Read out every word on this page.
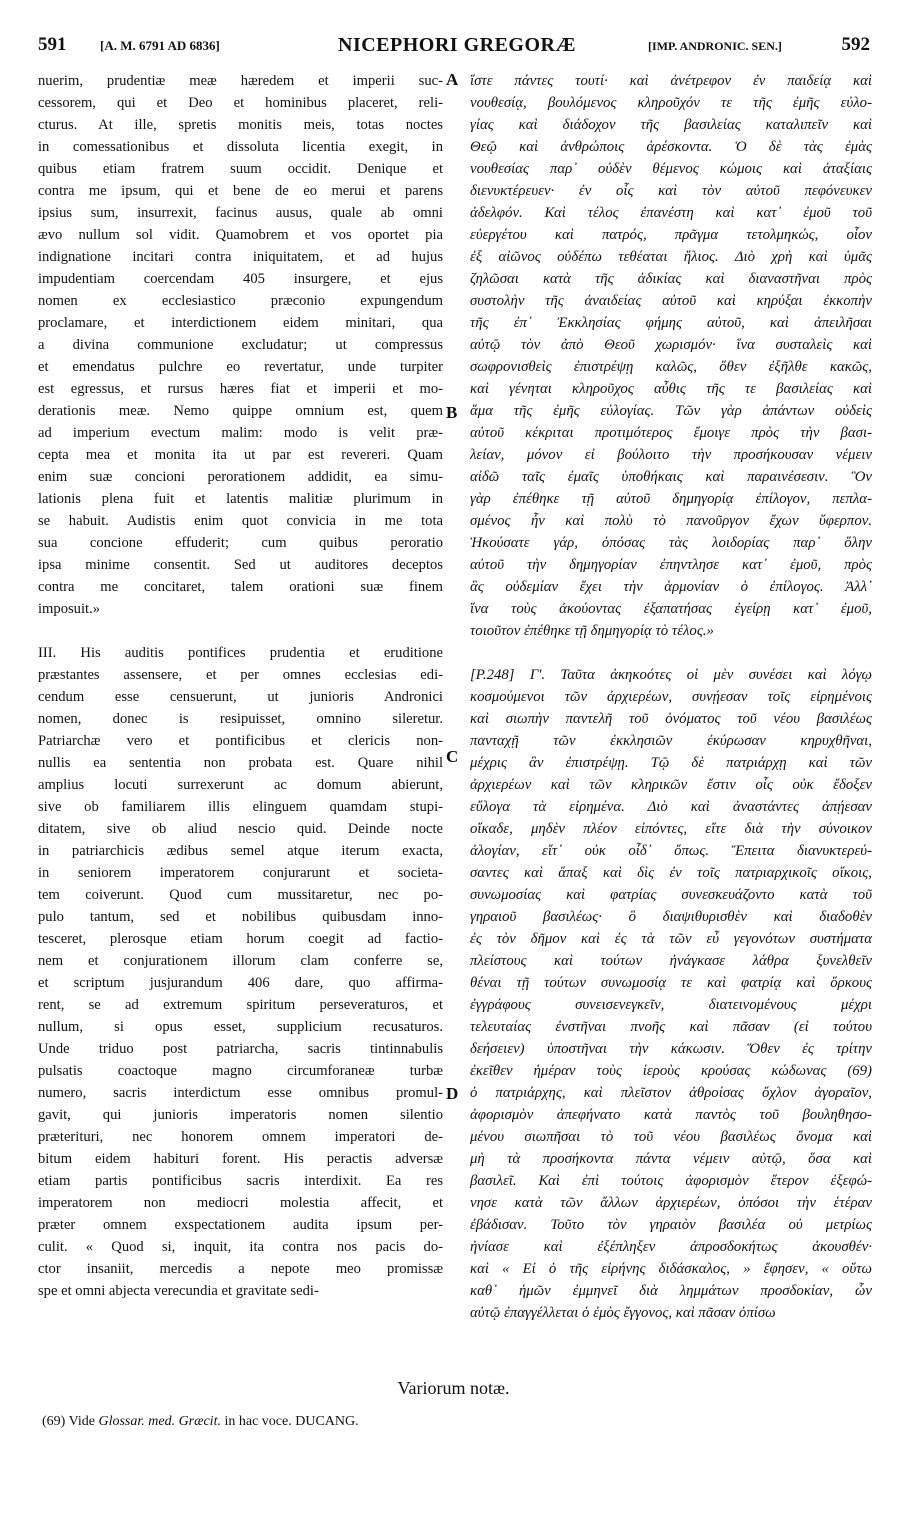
591	[A. M. 6791 AD 6836]	NICEPHORI GREGORÆ	[IMP. ANDRONIC. SEN.]	592
nuerim, prudentiæ meæ hæredem et imperii suc-
cessorem, qui et Deo et hominibus placeret, reli-
cturus. At ille, spretis monitis meis, totas noctes
in comessationibus et dissoluta licentia exegit, in
quibus etiam fratrem suum occidit. Denique et
contra me ipsum, qui et bene de eo merui et parens
ipsius sum, insurrexit, facinus ausus, quale ab omni
ævo nullum sol vidit. Quamobrem et vos oportet pia
indignatione incitari contra iniquitatem, et ad hujus
impudentiam coercendam 405 insurgere, et ejus
nomen ex ecclesiastico præconio expungendum
proclamare, et interdictionem eidem minitari, qua
a divina communione excludatur; ut compressus
et emendatus pulchre eo revertatur, unde turpiter
est egressus, et rursus hæres fiat et imperii et mo-
derationis meæ. Nemo quippe omnium est, quem
ad imperium evectum malim: modo is velit præ-
cepta mea et monita ita ut par est revereri. Quam
enim suæ concioni perorationem addidit, ea simu-
lationis plena fuit et latentis malitiæ plurimum in
se habuit. Audistis enim quot convicia in me tota
sua concione effuderit; cum quibus peroratio
ipsa minime consentit. Sed ut auditores deceptos
contra me concitaret, talem orationi suæ finem
imposuit.»
III. His auditis pontifices prudentia et eruditione
præstantes assensere, et per omnes ecclesias edi-
cendum esse censuerunt, ut junioris Andronici
nomen, donec is resipuisset, omnino sileretur.
Patriarchæ vero et pontificibus et clericis non-
nullis ea sententia non probata est. Quare nihil
amplius locuti surrexerunt ac domum abierunt,
sive ob familiarem illis elinguem quamdam stupi-
ditatem, sive ob aliud nescio quid. Deinde nocte
in patriarchicis ædibus semel atque iterum exacta,
in seniorem imperatorem conjurarunt et societa-
tem coiverunt. Quod cum mussitaretur, nec po-
pulo tantum, sed et nobilibus quibusdam inno-
tesceret, plerosque etiam horum coegit ad factio-
nem et conjurationem illorum clam conferre se,
et scriptum jusjurandum 406 dare, quo affirma-
rent, se ad extremum spiritum perseveraturos, et
nullum, si opus esset, supplicium recusaturos.
Unde triduo post patriarcha, sacris tintinnabulis
pulsatis coactoque magno circumforaneæ turbæ
numero, sacris interdictum esse omnibus promul-
gavit, qui junioris imperatoris nomen silentio
præterituri, nec honorem omnem imperatori de-
bitum eidem habituri forent. His peractis adversæ
etiam partis pontificibus sacris interdixit. Ea res
imperatorem non mediocri molestia affecit, et
præter omnem exspectationem audita ipsum per-
culit. « Quod si, inquit, ita contra nos pacis do-
ctor insaniit, mercedis a nepote meo promissæ
spe et omni abjecta verecundia et gravitate sedi-
ἵστε πάντες τουτί· καὶ ἀνέτρεφον ἐν παιδείᾳ καὶ
νουθεσίᾳ, βουλόμενος κληροῦχόν τε τῆς ἐμῆς εὐλο-
γίας καὶ διάδοχον τῆς βασιλείας καταλιπεῖν καὶ
Θεῷ καὶ ἀνθρώποις ἀρέσκοντα. Ὁ δὲ τὰς ἐμὰς
νουθεσίας παρ᾽ οὐδὲν θέμενος κώμοις καὶ ἀταξίαις
διενυκτέρευεν· ἐν οἷς καὶ τὸν αὐτοῦ πεφόνευκεν
ἀδελφόν. Καὶ τέλος ἐπανέστη καὶ κατ᾽ ἐμοῦ τοῦ
εὐεργέτου καὶ πατρός, πρᾶγμα τετολμηκώς, οἷον
ἐξ αἰῶνος οὐδέπω τεθέαται ἥλιος. Διὸ χρὴ καὶ ὑμᾶς
ζηλῶσαι κατὰ τῆς ἀδικίας καὶ διαναστῆναι πρὸς
συστολὴν τῆς ἀναιδείας αὐτοῦ καὶ κηρύξαι ἐκκοπὴν
τῆς ἐπ᾽ Ἐκκλησίας φήμης αὐτοῦ, καὶ ἀπειλῆσαι
αὐτῷ τὸν ἀπὸ Θεοῦ χωρισμόν· ἵνα συσταλεὶς καὶ
σωφρονισθεὶς ἐπιστρέψῃ καλῶς, ὅθεν ἐξῆλθε κακῶς,
καὶ γένηται κληροῦχος αὖθις τῆς τε βασιλείας καὶ
ἅμα τῆς ἐμῆς εὐλογίας. Τῶν γὰρ ἁπάντων οὐδεὶς
αὐτοῦ κέκριται προτιμότερος ἔμοιγε πρὸς τὴν βασι-
λείαν, μόνον εἰ βούλοιτο τὴν προσήκουσαν νέμειν
αἰδῶ ταῖς ἐμαῖς ὑποθήκαις καὶ παραινέσεσιν. Ὃν
γὰρ ἐπέθηκε τῇ αὐτοῦ δημηγορίᾳ ἐπίλογον, πεπλα-
σμένος ἦν καὶ πολὺ τὸ πανοῦργον ἔχων ὕφερπον.
Ἠκούσατε γάρ, ὁπόσας τὰς λοιδορίας παρ᾽ ὅλην
αὐτοῦ τὴν δημηγορίαν ἐπηντλησε κατ᾽ ἐμοῦ, πρὸς
ἃς οὐδεμίαν ἔχει τὴν ἁρμονίαν ὁ ἐπίλογος. Ἀλλ᾽
ἵνα τοὺς ἀκούοντας ἐξαπατήσας ἐγείρῃ κατ᾽ ἐμοῦ,
τοιοῦτον ἐπέθηκε τῇ δημηγορίᾳ τὸ τέλος.»
[P.248] Γ'. Ταῦτα ἀκηκοότες οἱ μὲν συνέσει καὶ λόγῳ
κοσμούμενοι τῶν ἀρχιερέων, συνῄεσαν τοῖς εἰρημένοις
καὶ σιωπὴν παντελῆ τοῦ ὀνόματος τοῦ νέου βασιλέως
πανταχῇ τῶν ἐκκλησιῶν ἐκύρωσαν κηρυχθῆναι,
μέχρις ἂν ἐπιστρέψῃ. Τῷ δὲ πατριάρχῃ καὶ τῶν
ἀρχιερέων καὶ τῶν κληρικῶν ἔστιν οἷς οὐκ ἔδοξεν
εὔλογα τὰ εἰρημένα. Διὸ καὶ ἀναστάντες ἀπῄεσαν
οἴκαδε, μηδὲν πλέον εἰπόντες, εἴτε διὰ τὴν σύνοικον
ἀλογίαν, εἴτ᾽ οὐκ οἶδ᾽ ὅπως. Ἔπειτα διανυκτερεύ-
σαντες καὶ ἅπαξ καὶ δὶς ἐν τοῖς πατριαρχικοῖς οἴκοις,
συνωμοσίας καὶ φατρίας συνεσκευάζοντο κατὰ τοῦ
γηραιοῦ βασιλέως· ὃ διαψιθυρισθὲν καὶ διαδοθὲν
ἐς τὸν δῆμον καὶ ἐς τὰ τῶν εὖ γεγονότων συστήματα
πλείστους καὶ τούτων ἠνάγκασε λάθρα ξυνελθεῖν
θέναι τῇ τούτων συνωμοσίᾳ τε καὶ φατρίᾳ καὶ ὅρκους
ἐγγράφους συνεισενεγκεῖν, διατεινομένους μέχρι
τελευταίας ἐνστῆναι πνοῆς καὶ πᾶσαν (εἰ τούτου
δεήσειεν) ὑποστῆναι τὴν κάκωσιν. Ὅθεν ἐς τρίτην
ἐκεῖθεν ἡμέραν τοὺς ἱεροὺς κρούσας κώδωνας (69)
ὁ πατριάρχης, καὶ πλεῖστον ἀθροίσας ὄχλον ἀγοραῖον,
ἀφορισμὸν ἀπεφήνατο κατὰ παντὸς τοῦ βουληθησο-
μένου σιωπῆσαι τὸ τοῦ νέου βασιλέως ὄνομα καὶ
μὴ τὰ προσήκοντα πάντα νέμειν αὐτῷ, ὅσα καὶ
βασιλεῖ. Καὶ ἐπὶ τούτοις ἀφορισμὸν ἕτερον ἐξεφώ-
νησε κατὰ τῶν ἄλλων ἀρχιερέων, ὁπόσοι τὴν ἑτέραν
ἐβάδισαν. Τοῦτο τὸν γηραιὸν βασιλέα οὐ μετρίως
ἠνίασε καὶ ἐξέπληξεν ἀπροσδοκήτως ἀκουσθέν·
καὶ « Εἰ ὁ τῆς εἰρήνης διδάσκαλος, » ἔφησεν, « οὕτω
καθ᾽ ἡμῶν ἐμμηνεῖ διὰ λημμάτων προσδοκίαν, ὧν
αὐτῷ ἐπαγγέλλεται ὁ ἐμὸς ἔγγονος, καὶ πᾶσαν ὀπίσω
A
B
C
D
Variorum notæ.
(69) Vide Glossar. med. Græcit. in hac voce. DUCANG.
